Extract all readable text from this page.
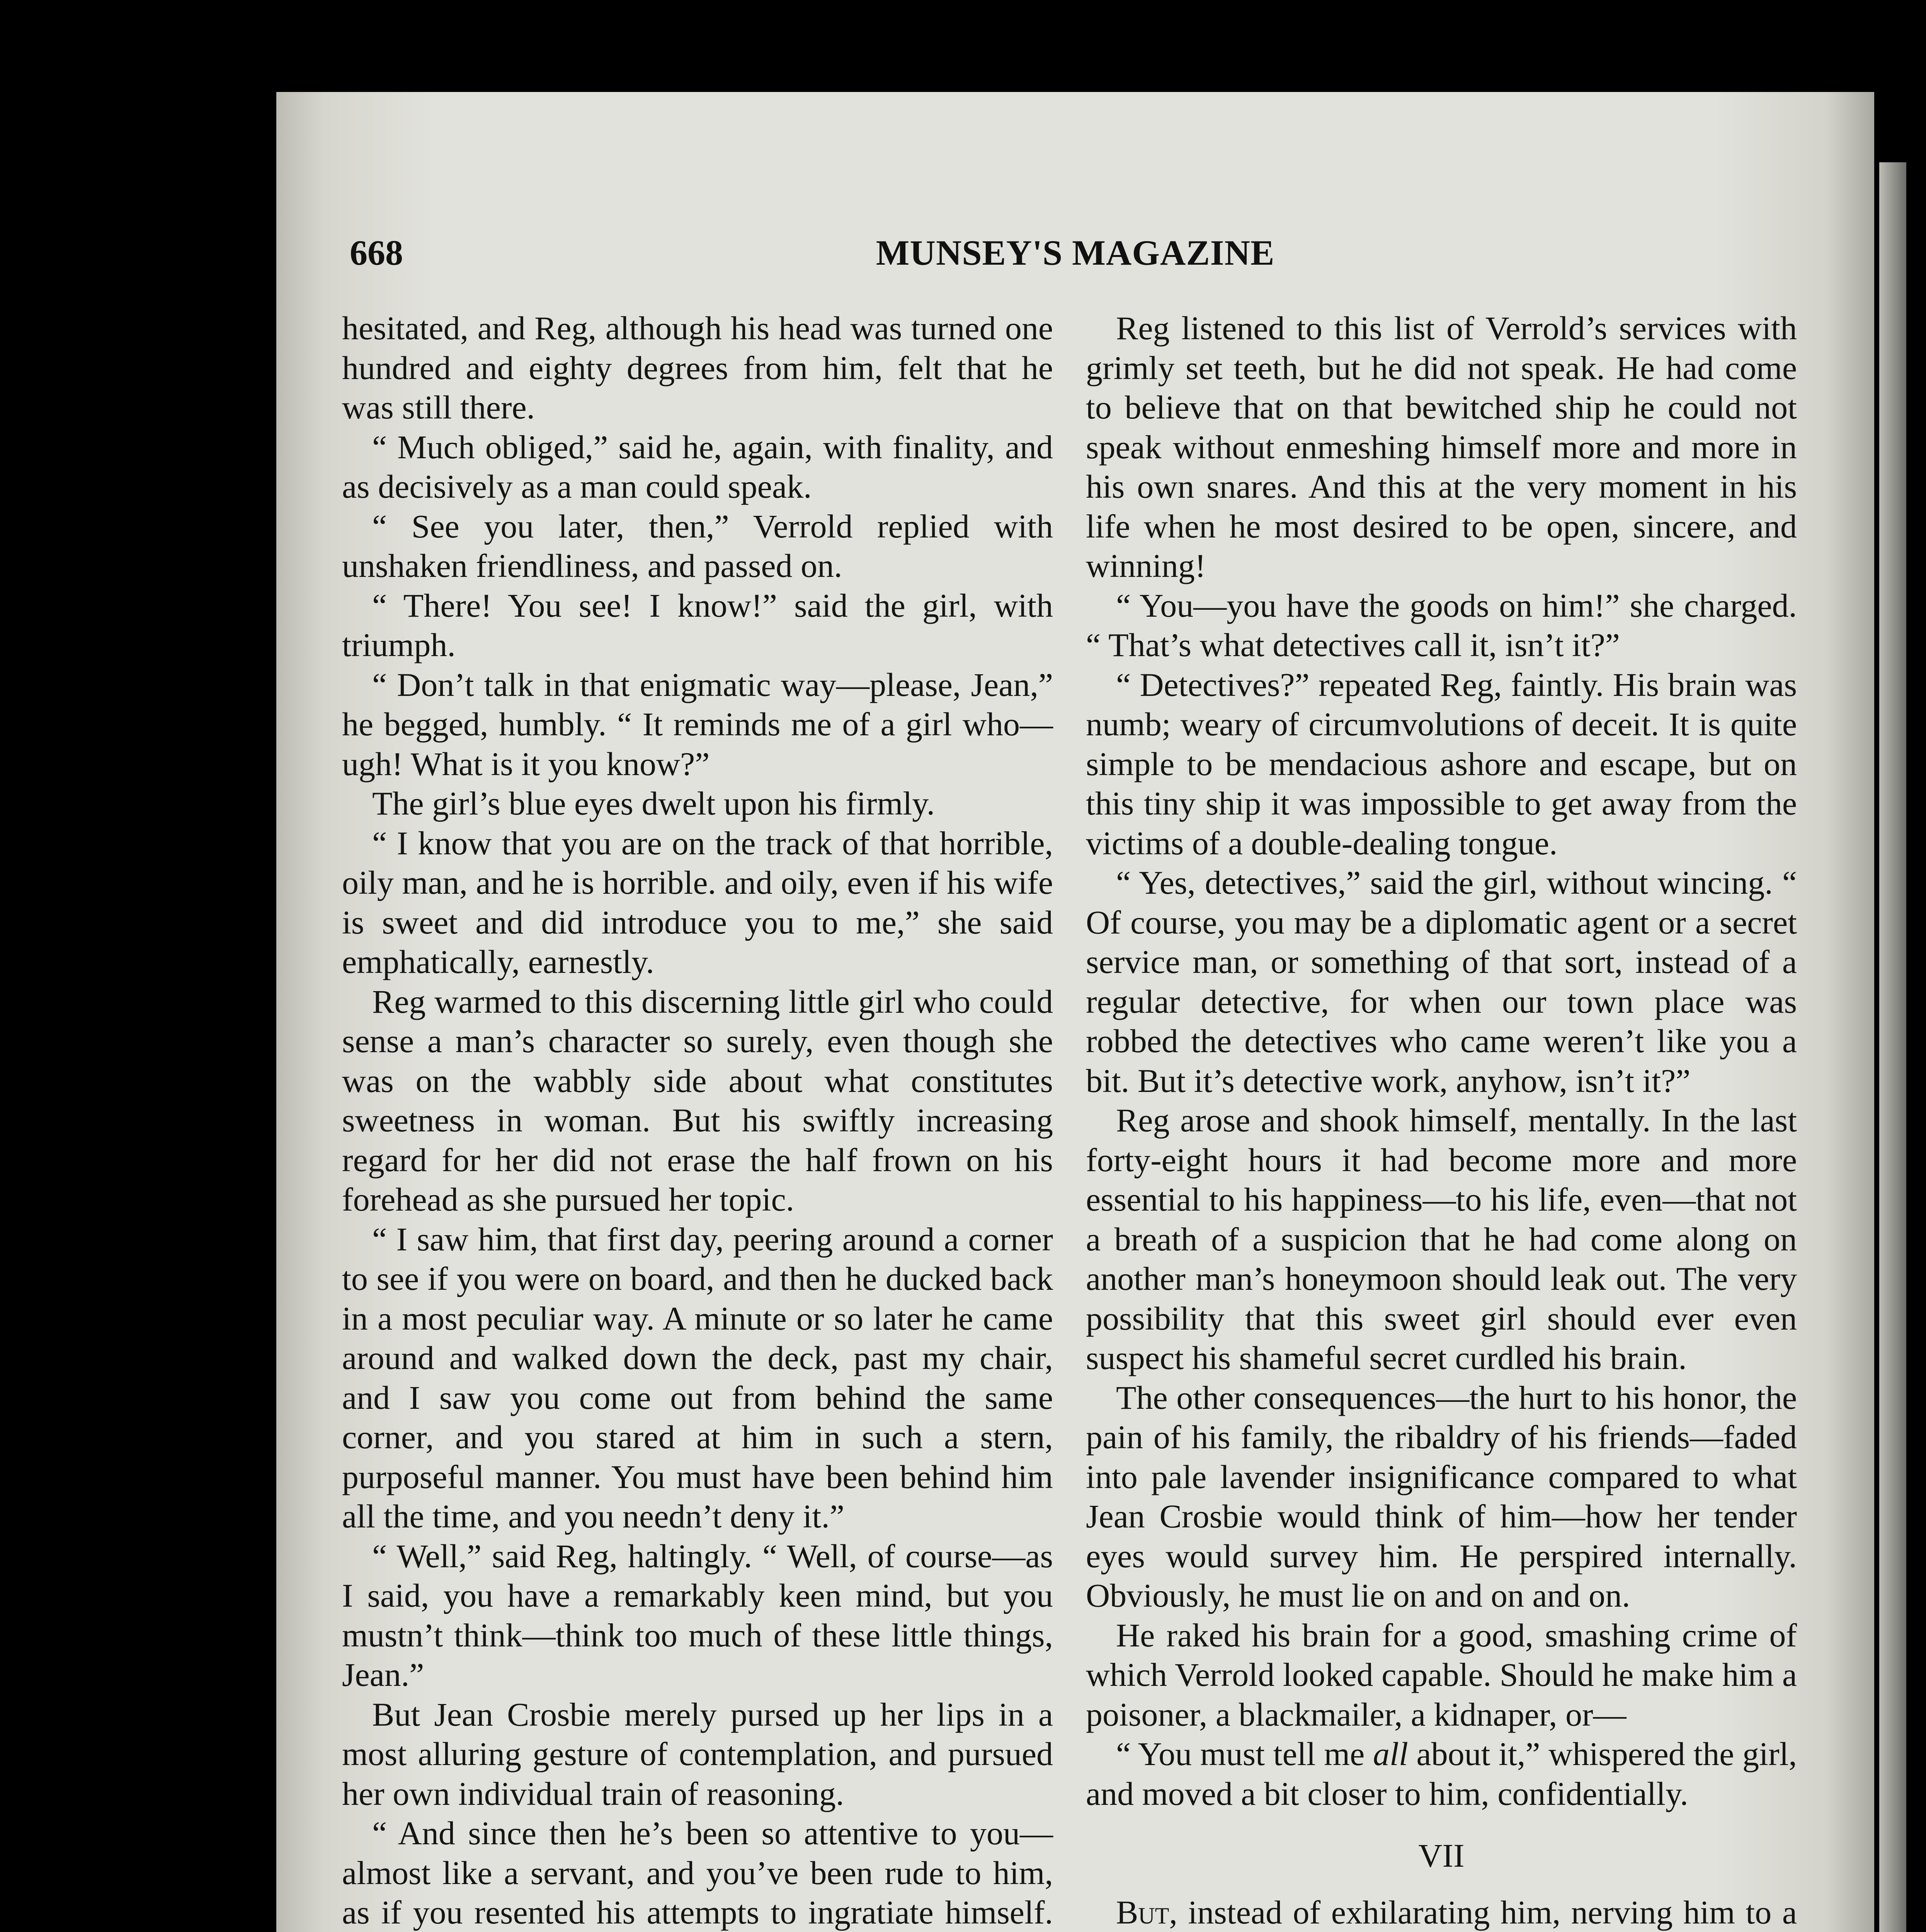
668	MUNSEY'S MAGAZINE

hesitated, and Reg, although his head was turned one hundred and eighty degrees from him, felt that he was still there.

“ Much obliged,” said he, again, with finality, and as decisively as a man could speak.

“ See you later, then,” Verrold replied with unshaken friendliness, and passed on.

“ There! You see! I know!” said the girl, with triumph.

“ Don’t talk in that enigmatic way—please, Jean,” he begged, humbly. “ It reminds me of a girl who—ugh! What is it you know?”

The girl’s blue eyes dwelt upon his firmly.

“ I know that you are on the track of that horrible, oily man, and he is horrible. and oily, even if his wife is sweet and did introduce you to me,” she said emphatically, earnestly.

Reg warmed to this discerning little girl who could sense a man’s character so surely, even though she was on the wabbly side about what constitutes sweetness in woman. But his swiftly increasing regard for her did not erase the half frown on his forehead as she pursued her topic.

“ I saw him, that first day, peering around a corner to see if you were on board, and then he ducked back in a most peculiar way. A minute or so later he came around and walked down the deck, past my chair, and I saw you come out from behind the same corner, and you stared at him in such a stern, purposeful manner. You must have been behind him all the time, and you needn’t deny it.”

“ Well,” said Reg, haltingly. “ Well, of course—as I said, you have a remarkably keen mind, but you mustn’t think—think too much of these little things, Jean.”

But Jean Crosbie merely pursed up her lips in a most alluring gesture of contemplation, and pursued her own individual train of reasoning.

“ And since then he’s been so attentive to you—almost like a servant, and you’ve been rude to him, as if you resented his attempts to ingratiate himself.

Reg listened to this list of Verrold’s services with grimly set teeth, but he did not speak. He had come to believe that on that bewitched ship he could not speak without enmeshing himself more and more in his own snares. And this at the very moment in his life when he most desired to be open, sincere, and winning!

“ You—you have the goods on him!” she charged. “ That’s what detectives call it, isn’t it?”

“ Detectives?” repeated Reg, faintly. His brain was numb; weary of circumvolutions of deceit. It is quite simple to be mendacious ashore and escape, but on this tiny ship it was impossible to get away from the victims of a double-dealing tongue.

“ Yes, detectives,” said the girl, without wincing. “ Of course, you may be a diplomatic agent or a secret service man, or something of that sort, instead of a regular detective, for when our town place was robbed the detectives who came weren’t like you a bit. But it’s detective work, anyhow, isn’t it?”

Reg arose and shook himself, mentally. In the last forty-eight hours it had become more and more essential to his happiness—to his life, even—that not a breath of a suspicion that he had come along on another man’s honeymoon should leak out. The very possibility that this sweet girl should ever even suspect his shameful secret curdled his brain.

The other consequences—the hurt to his honor, the pain of his family, the ribaldry of his friends—faded into pale lavender insignificance compared to what Jean Crosbie would think of him—how her tender eyes would survey him. He perspired internally. Obviously, he must lie on and on and on.

He raked his brain for a good, smashing crime of which Verrold looked capable. Should he make him a poisoner, a blackmailer, a kidnaper, or—

“ You must tell me all about it,” whispered the girl, and moved a bit closer to him, confidentially.

VII

But, instead of exhilarating him, nerving him to a
